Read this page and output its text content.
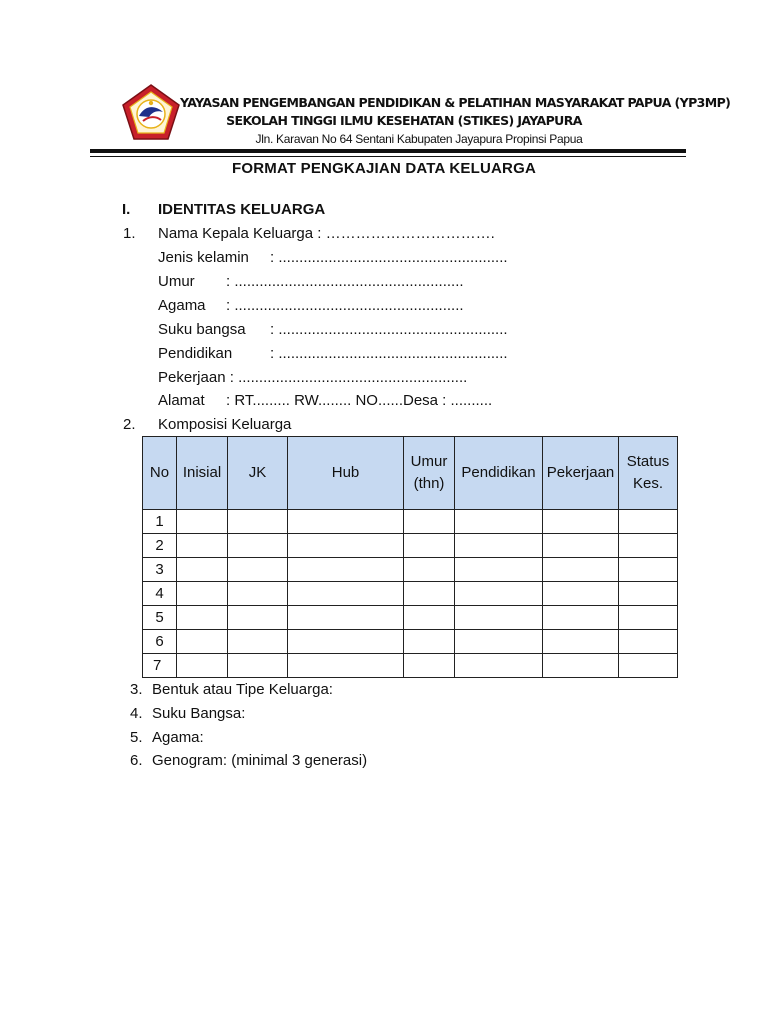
YAYASAN PENGEMBANGAN PENDIDIKAN & PELATIHAN MASYARAKAT PAPUA (YP3MP)
SEKOLAH TINGGI ILMU KESEHATAN (STIKES) JAYAPURA
Jln. Karavan No 64 Sentani Kabupaten Jayapura Propinsi Papua
FORMAT PENGKAJIAN DATA KELUARGA
I. IDENTITAS KELUARGA
1. Nama Kepala Keluarga : …………………………….
Jenis kelamin : .......................................................
Umur : .......................................................
Agama : .......................................................
Suku bangsa : .......................................................
Pendidikan	: .......................................................
Pekerjaan : .......................................................
Alamat : RT......... RW........ NO......Desa : ..........
2. Komposisi Keluarga
No	Inisial	JK	Hub	Umur (thn)	Pendidikan	Pekerjaan	Status Kes.
1							
2							
3							
4							
5							
6							
7							
3. Bentuk atau Tipe Keluarga:
4. Suku Bangsa:
5. Agama:
6. Genogram: (minimal 3 generasi)
